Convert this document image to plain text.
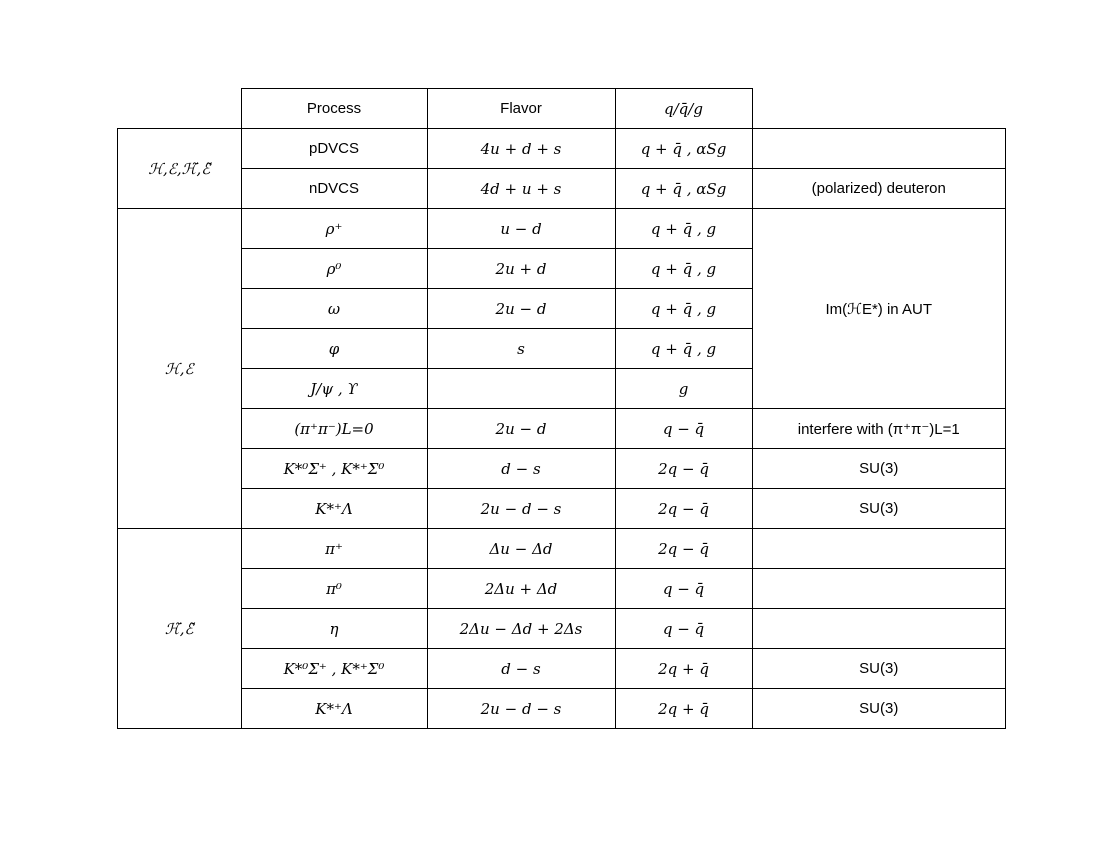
	Process	Flavor	q/q̄/g	
ℋ,ℰ,ℋ̃,ℰ̃	pDVCS	4u + d + s	q + q̄ , αSg	
	nDVCS	4d + u + s	q + q̄ , αSg	(polarized) deuteron
ℋ,ℰ	ρ⁺	u − d	q + q̄ , g	Im(ℋE*) in AUT
	ρ⁰	2u + d	q + q̄ , g	
	ω	2u − d	q + q̄ , g	
	φ	s	q + q̄ , g	
	J/ψ , ϒ		g	
	(π⁺π⁻)L=0	2u − d	q − q̄	interfere with (π⁺π⁻)L=1
	K*⁰Σ⁺ , K*⁺Σ⁰	d − s	2q − q̄	SU(3)
	K*⁺Λ	2u − d − s	2q − q̄	SU(3)
ℋ̃,ℰ̃	π⁺	Δu − Δd	2q − q̄	
	π⁰	2Δu + Δd	q − q̄	
	η	2Δu − Δd + 2Δs	q − q̄	
	K*⁰Σ⁺ , K*⁺Σ⁰	d − s	2q + q̄	SU(3)
	K*⁺Λ	2u − d − s	2q + q̄	SU(3)
